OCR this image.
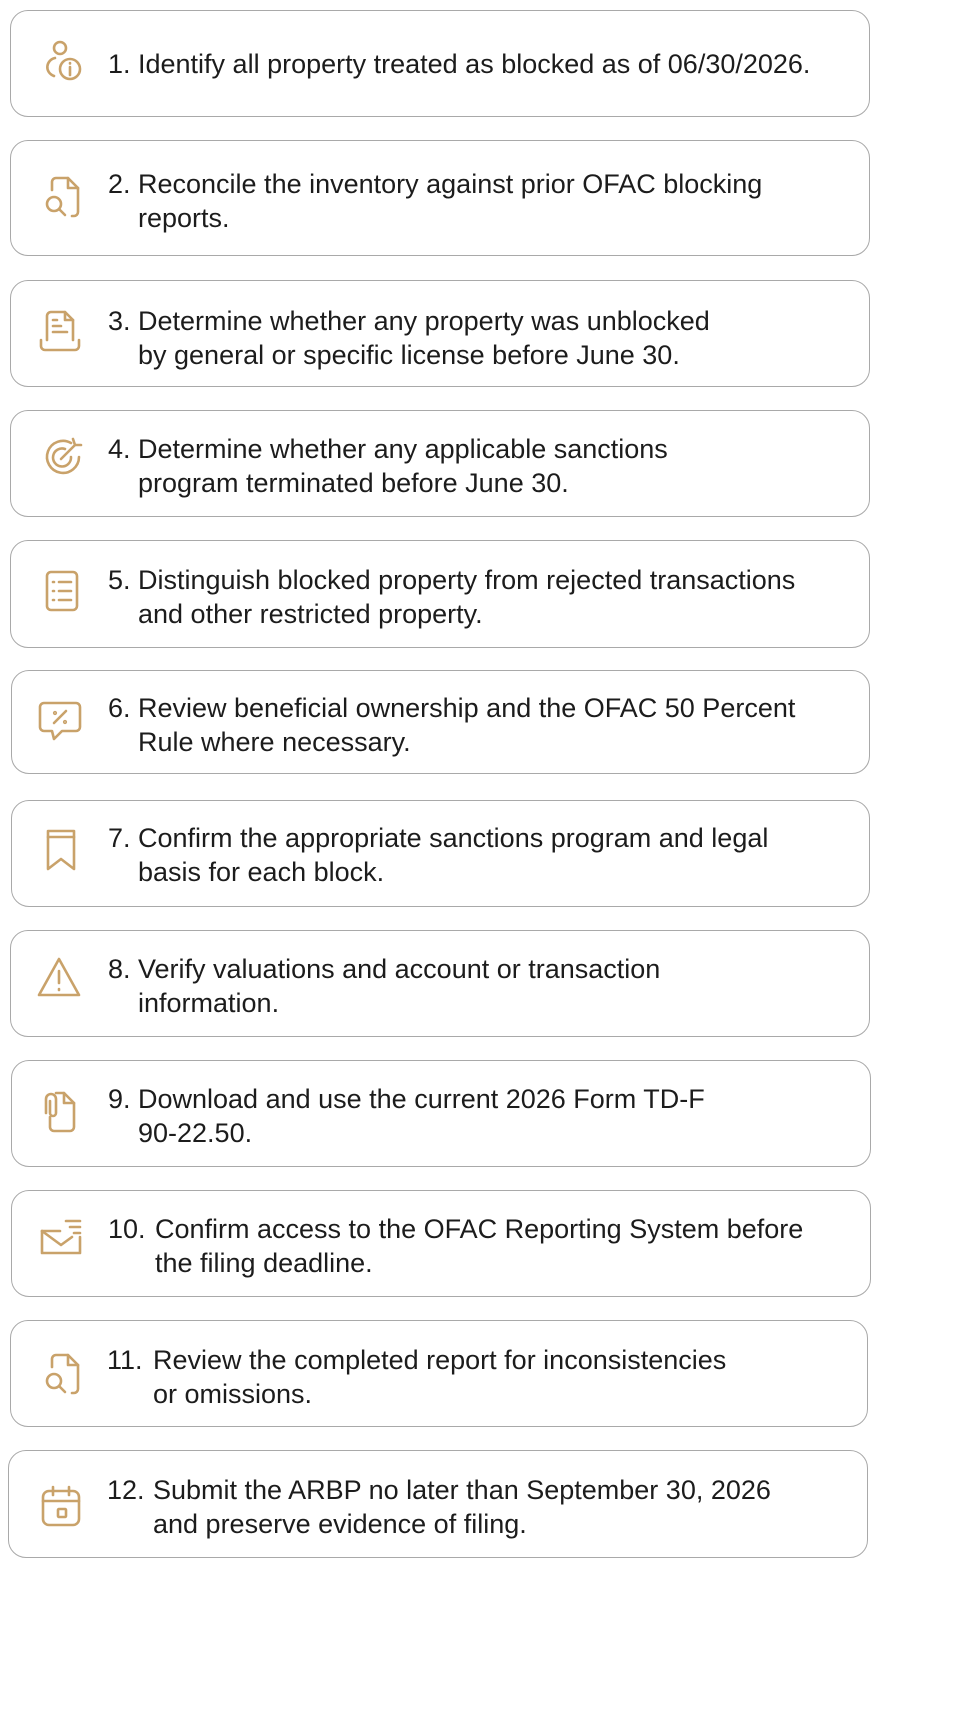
1. Identify all property treated as blocked as of 06/30/2026.
2. Reconcile the inventory against prior OFAC blocking reports.
3. Determine whether any property was unblocked by general or specific license before June 30.
4. Determine whether any applicable sanctions program terminated before June 30.
5. Distinguish blocked property from rejected transactions and other restricted property.
6. Review beneficial ownership and the OFAC 50 Percent Rule where necessary.
7. Confirm the appropriate sanctions program and legal basis for each block.
8. Verify valuations and account or transaction information.
9. Download and use the current 2026 Form TD-F 90-22.50.
10. Confirm access to the OFAC Reporting System before the filing deadline.
11. Review the completed report for inconsistencies or omissions.
12. Submit the ARBP no later than September 30, 2026 and preserve evidence of filing.
